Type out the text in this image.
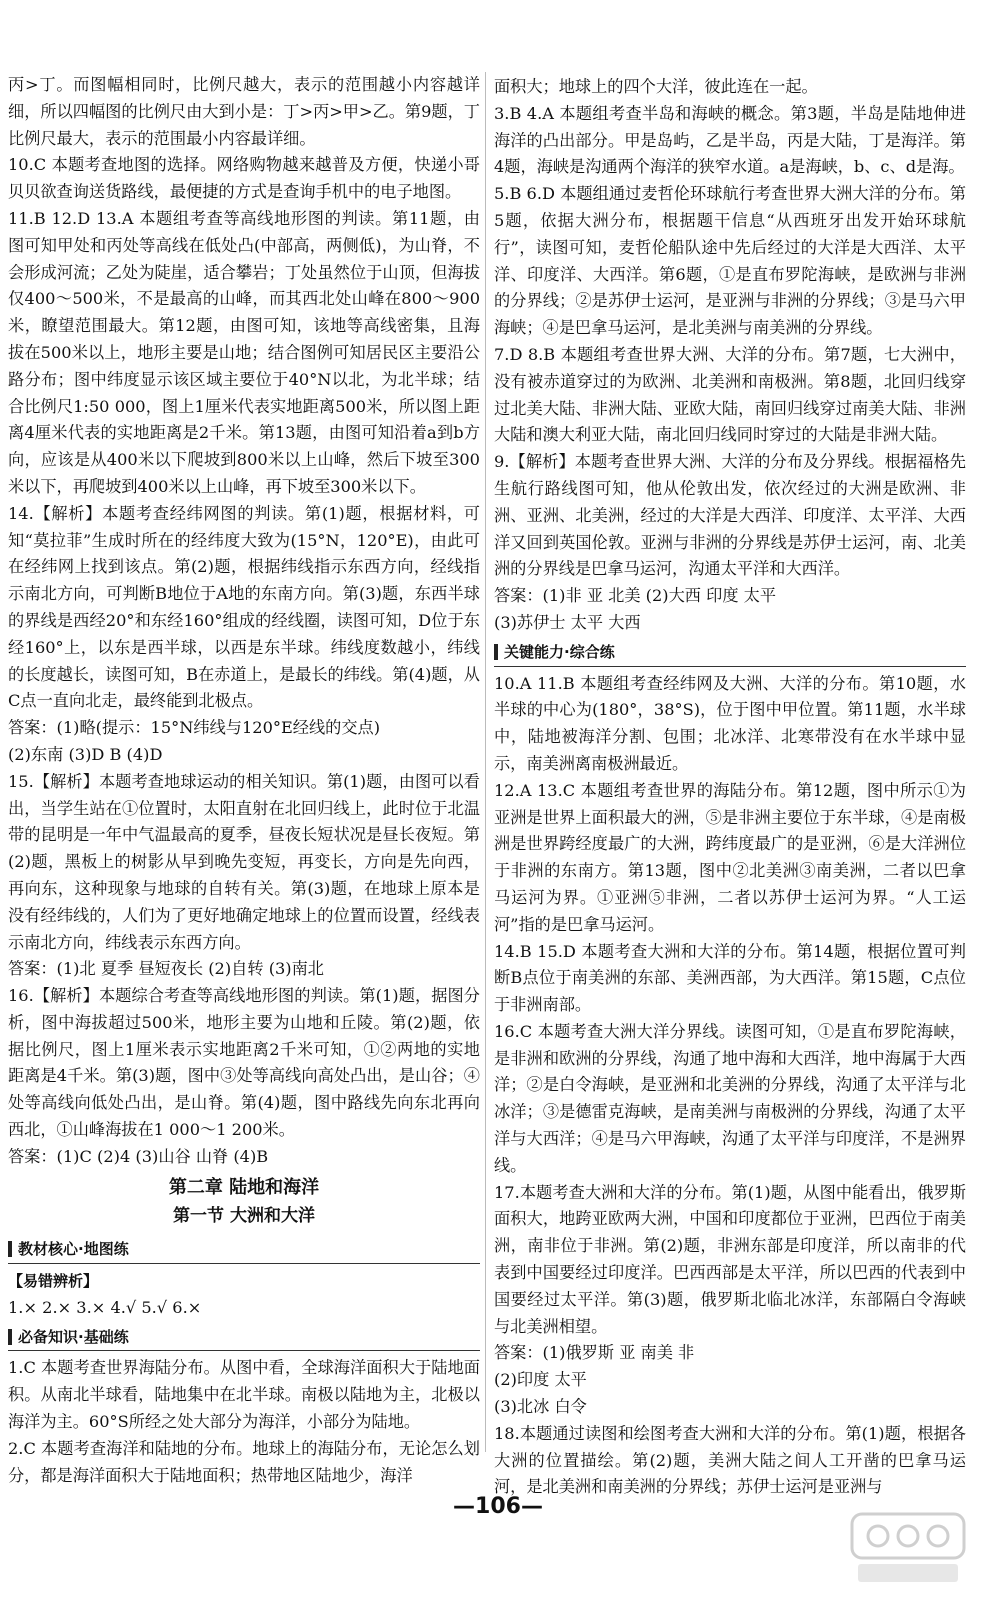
丙>丁。而图幅相同时，比例尺越大，表示的范围越小内容越详细，所以四幅图的比例尺由大到小是：丁>丙>甲>乙。第9题，丁比例尺最大，表示的范围最小内容最详细。

10.C 本题考查地图的选择。网络购物越来越普及方便，快递小哥贝贝欲查询送货路线，最便捷的方式是查询手机中的电子地图。

11.B 12.D 13.A 本题组考查等高线地形图的判读。第11题，由图可知甲处和丙处等高线在低处凸(中部高，两侧低)，为山脊，不会形成河流；乙处为陡崖，适合攀岩；丁处虽然位于山顶，但海拔仅400～500米，不是最高的山峰，而其西北处山峰在800～900米，瞭望范围最大。第12题，由图可知，该地等高线密集，且海拔在500米以上，地形主要是山地；结合图例可知居民区主要沿公路分布；图中纬度显示该区域主要位于40°N以北，为北半球；结合比例尺1:50 000，图上1厘米代表实地距离500米，所以图上距离4厘米代表的实地距离是2千米。第13题，由图可知沿着a到b方向，应该是从400米以下爬坡到800米以上山峰，然后下坡至300米以下，再爬坡到400米以上山峰，再下坡至300米以下。

14.【解析】本题考查经纬网图的判读。第(1)题，根据材料，可知“莫拉菲”生成时所在的经纬度大致为(15°N，120°E)，由此可在经纬网上找到该点。第(2)题，根据纬线指示东西方向，经线指示南北方向，可判断B地位于A地的东南方向。第(3)题，东西半球的界线是西经20°和东经160°组成的经线圈，读图可知，D位于东经160°上，以东是西半球，以西是东半球。纬线度数越小，纬线的长度越长，读图可知，B在赤道上，是最长的纬线。第(4)题，从C点一直向北走，最终能到北极点。

答案：(1)略(提示：15°N纬线与120°E经线的交点)

(2)东南 (3)D B (4)D

15.【解析】本题考查地球运动的相关知识。第(1)题，由图可以看出，当学生站在①位置时，太阳直射在北回归线上，此时位于北温带的昆明是一年中气温最高的夏季，昼夜长短状况是昼长夜短。第(2)题，黑板上的树影从早到晚先变短，再变长，方向是先向西，再向东，这种现象与地球的自转有关。第(3)题，在地球上原本是没有经纬线的，人们为了更好地确定地球上的位置而设置，经线表示南北方向，纬线表示东西方向。

答案：(1)北 夏季 昼短夜长 (2)自转 (3)南北

16.【解析】本题综合考查等高线地形图的判读。第(1)题，据图分析，图中海拔超过500米，地形主要为山地和丘陵。第(2)题，依据比例尺，图上1厘米表示实地距离2千米可知，①②两地的实地距离是4千米。第(3)题，图中③处等高线向高处凸出，是山谷；④处等高线向低处凸出，是山脊。第(4)题，图中路线先向东北再向西北，①山峰海拔在1 000～1 200米。

答案：(1)C (2)4 (3)山谷 山脊 (4)B

第二章 陆地和海洋
第一节 大洲和大洋
教材核心·地图练
【易错辨析】

1.× 2.× 3.× 4.√ 5.√ 6.×

必备知识·基础练

1.C 本题考查世界海陆分布。从图中看，全球海洋面积大于陆地面积。从南北半球看，陆地集中在北半球。南极以陆地为主，北极以海洋为主。60°S所经之处大部分为海洋，小部分为陆地。

2.C 本题考查海洋和陆地的分布。地球上的海陆分布，无论怎么划分，都是海洋面积大于陆地面积；热带地区陆地少，海洋

面积大；地球上的四个大洋，彼此连在一起。

3.B 4.A 本题组考查半岛和海峡的概念。第3题，半岛是陆地伸进海洋的凸出部分。甲是岛屿，乙是半岛，丙是大陆，丁是海洋。第4题，海峡是沟通两个海洋的狭窄水道。a是海峡，b、c、d是海。

5.B 6.D 本题组通过麦哲伦环球航行考查世界大洲大洋的分布。第5题，依据大洲分布，根据题干信息“从西班牙出发开始环球航行”，读图可知，麦哲伦船队途中先后经过的大洋是大西洋、太平洋、印度洋、大西洋。第6题，①是直布罗陀海峡，是欧洲与非洲的分界线；②是苏伊士运河，是亚洲与非洲的分界线；③是马六甲海峡；④是巴拿马运河，是北美洲与南美洲的分界线。

7.D 8.B 本题组考查世界大洲、大洋的分布。第7题，七大洲中，没有被赤道穿过的为欧洲、北美洲和南极洲。第8题，北回归线穿过北美大陆、非洲大陆、亚欧大陆，南回归线穿过南美大陆、非洲大陆和澳大利亚大陆，南北回归线同时穿过的大陆是非洲大陆。

9.【解析】本题考查世界大洲、大洋的分布及分界线。根据福格先生航行路线图可知，他从伦敦出发，依次经过的大洲是欧洲、非洲、亚洲、北美洲，经过的大洋是大西洋、印度洋、太平洋、大西洋又回到英国伦敦。亚洲与非洲的分界线是苏伊士运河，南、北美洲的分界线是巴拿马运河，沟通太平洋和大西洋。

答案：(1)非 亚 北美 (2)大西 印度 太平

(3)苏伊士 太平 大西

关键能力·综合练

10.A 11.B 本题组考查经纬网及大洲、大洋的分布。第10题，水半球的中心为(180°，38°S)，位于图中甲位置。第11题，水半球中，陆地被海洋分割、包围；北冰洋、北寒带没有在水半球中显示，南美洲离南极洲最近。

12.A 13.C 本题组考查世界的海陆分布。第12题，图中所示①为亚洲是世界上面积最大的洲，⑤是非洲主要位于东半球，④是南极洲是世界跨经度最广的大洲，跨纬度最广的是亚洲，⑥是大洋洲位于非洲的东南方。第13题，图中②北美洲③南美洲，二者以巴拿马运河为界。①亚洲⑤非洲，二者以苏伊士运河为界。“人工运河”指的是巴拿马运河。

14.B 15.D 本题考查大洲和大洋的分布。第14题，根据位置可判断B点位于南美洲的东部、美洲西部，为大西洋。第15题，C点位于非洲南部。

16.C 本题考查大洲大洋分界线。读图可知，①是直布罗陀海峡，是非洲和欧洲的分界线，沟通了地中海和大西洋，地中海属于大西洋；②是白令海峡，是亚洲和北美洲的分界线，沟通了太平洋与北冰洋；③是德雷克海峡，是南美洲与南极洲的分界线，沟通了太平洋与大西洋；④是马六甲海峡，沟通了太平洋与印度洋，不是洲界线。

17.本题考查大洲和大洋的分布。第(1)题，从图中能看出，俄罗斯面积大，地跨亚欧两大洲，中国和印度都位于亚洲，巴西位于南美洲，南非位于非洲。第(2)题，非洲东部是印度洋，所以南非的代表到中国要经过印度洋。巴西西部是太平洋，所以巴西的代表到中国要经过太平洋。第(3)题，俄罗斯北临北冰洋，东部隔白令海峡与北美洲相望。

答案：(1)俄罗斯 亚 南美 非

(2)印度 太平

(3)北冰 白令

18.本题通过读图和绘图考查大洲和大洋的分布。第(1)题，根据各大洲的位置描绘。第(2)题，美洲大陆之间人工开凿的巴拿马运河，是北美洲和南美洲的分界线；苏伊士运河是亚洲与

—106—
